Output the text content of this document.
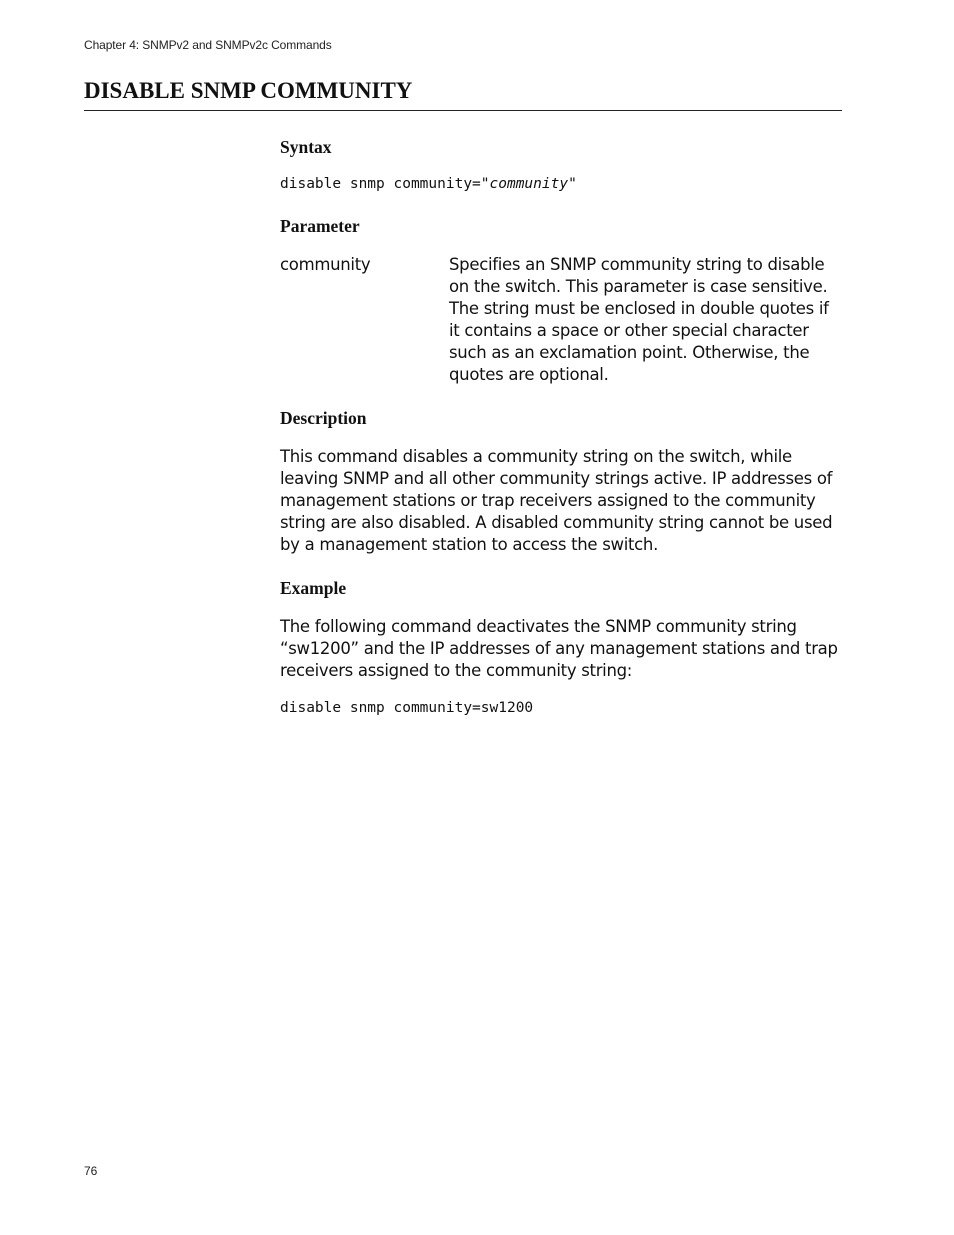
Chapter 4: SNMPv2 and SNMPv2c Commands
DISABLE SNMP COMMUNITY
Syntax
disable snmp community="community"
Parameter
community	Specifies an SNMP community string to disable on the switch. This parameter is case sensitive. The string must be enclosed in double quotes if it contains a space or other special character such as an exclamation point. Otherwise, the quotes are optional.
Description

This command disables a community string on the switch, while leaving SNMP and all other community strings active. IP addresses of management stations or trap receivers assigned to the community string are also disabled. A disabled community string cannot be used by a management station to access the switch.

Example

The following command deactivates the SNMP community string “sw1200” and the IP addresses of any management stations and trap receivers assigned to the community string:

disable snmp community=sw1200
76
